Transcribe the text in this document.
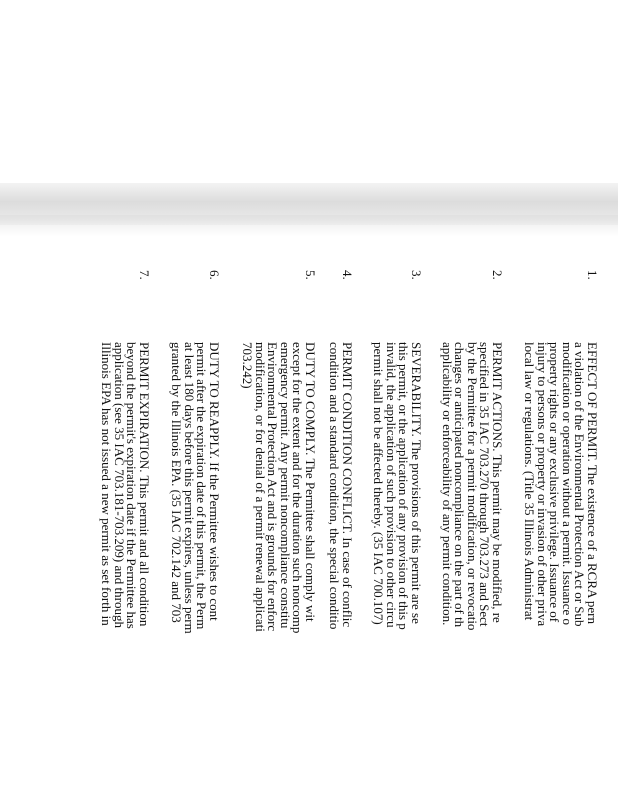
1.
EFFECT OF PERMIT. The existence of a RCRA pern
a violation of the Environmental Protection Act or Sub
modification or operation without a permit. Issuance o
property rights or any exclusive privilege. Issuance of
injury to persons or property or invasion of other priva
local law or regulations. (Title 35 Illinois Administrat
2.
PERMIT ACTIONS. This permit may be modified, re
specified in 35 IAC 703.270 through 703.273 and Sect
by the Permittee for a permit modification, or revocatio
changes or anticipated noncompliance on the part of th
applicability or enforceability of any permit condition.
3.
SEVERABILITY. The provisions of this permit are se
this permit, or the application of any provision of this p
invalid, the application of such provision to other circu
permit shall not be affected thereby. (35 IAC 700.107)
4.
PERMIT CONDITION CONFLICT. In case of conflic
condition and a standard condition, the special conditio
5.
DUTY TO COMPLY. The Permittee shall comply wit
except for the extent and for the duration such noncomp
emergency permit. Any permit noncompliance constitu
Environmental Protection Act and is grounds for enforc
modification, or for denial of a permit renewal applicati
703.242)
6.
DUTY TO REAPPLY. If the Permittee wishes to cont
permit after the expiration date of this permit, the Perm
at least 180 days before this permit expires, unless perm
granted by the Illinois EPA. (35 IAC 702.142 and 703
7.
PERMIT EXPIRATION. This permit and all condition
beyond the permit's expiration date if the Permittee has
application (see 35 IAC 703.181-703.209) and through
Illinois EPA has not issued a new permit as set forth in
